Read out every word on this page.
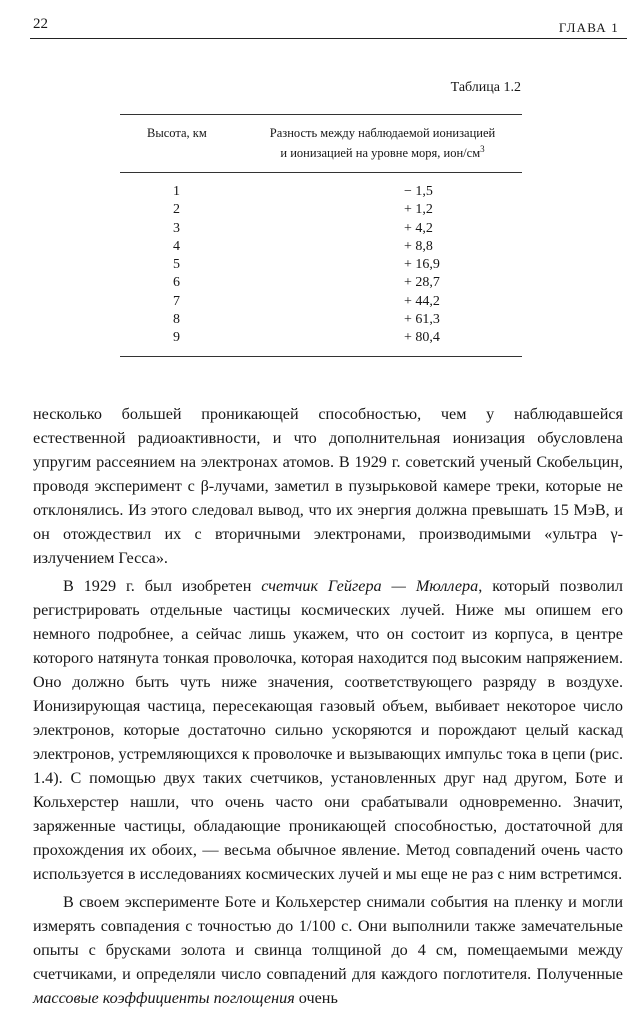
22	ГЛАВА 1
Таблица 1.2
Высота, км	Разность между наблюдаемой ионизацией
и ионизацией на уровне моря, ион/$см^3$
1	− 1,5
2	+ 1,2
3	+ 4,2
4	+ 8,8
5	+ 16,9
6	+ 28,7
7	+ 44,2
8	+ 61,3
9	+ 80,4

несколько большей проникающей способностью, чем у наблюдавшейся естественной радиоактивности, и что дополнительная ионизация обусловлена упругим рассеянием на электронах атомов. В 1929 г. советский ученый Скобельцин, проводя эксперимент с β-лучами, заметил в пузырьковой камере треки, которые не отклонялись. Из этого следовал вывод, что их энергия должна превышать 15 МэВ, и он отождествил их с вторичными электронами, производимыми «ультра γ-излучением Гесса».

В 1929 г. был изобретен счетчик Гейгера — Мюллера, который позволил регистрировать отдельные частицы космических лучей. Ниже мы опишем его немного подробнее, а сейчас лишь укажем, что он состоит из корпуса, в центре которого натянута тонкая проволочка, которая находится под высоким напряжением. Оно должно быть чуть ниже значения, соответствующего разряду в воздухе. Ионизирующая частица, пересекающая газовый объем, выбивает некоторое число электронов, которые достаточно сильно ускоряются и порождают целый каскад электронов, устремляющихся к проволочке и вызывающих импульс тока в цепи (рис. 1.4). С помощью двух таких счетчиков, установленных друг над другом, Боте и Кольхерстер нашли, что очень часто они срабатывали одновременно. Значит, заряженные частицы, обладающие проникающей способностью, достаточной для прохождения их обоих, — весьма обычное явление. Метод совпадений очень часто используется в исследованиях космических лучей и мы еще не раз с ним встретимся.

В своем эксперименте Боте и Кольхерстер снимали события на пленку и могли измерять совпадения с точностью до 1/100 с. Они выполнили также замечательные опыты с брусками золота и свинца толщиной до 4 см, помещаемыми между счетчиками, и определяли число совпадений для каждого поглотителя. Полученные массовые коэффициенты поглощения очень
